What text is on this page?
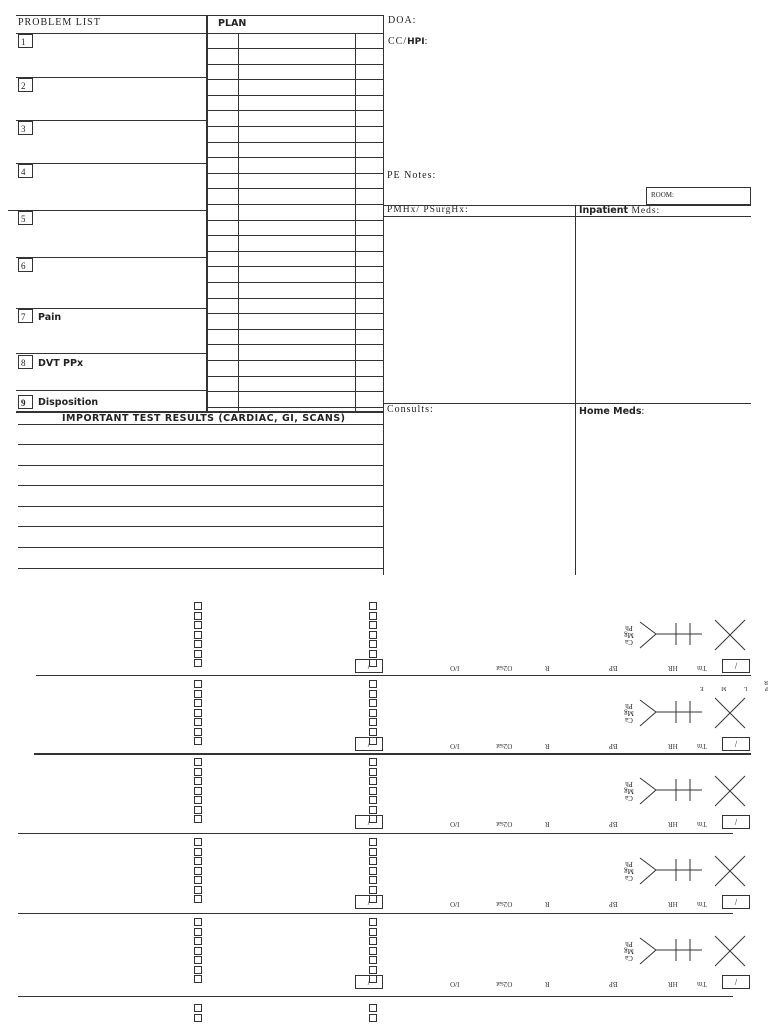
PROBLEM LIST	PLAN	DOA:
CC/HPI:
PE Notes:
ROOM:
PMHx/ PSurgHx:	Inpatient Meds:
Consults:	Home Meds:
IMPORTANT TEST RESULTS (CARDIAC, GI, SCANS)
1
2
3
4
5
6
7	Pain
8	DVT PPx
9	Disposition
/	/
I/O	O2sat	R	BP	HR	Tm
Ca
Mg
Ph
/	/
I/O	O2sat	R	BP	HR	Tm
Ca
Mg
Ph
/	/
I/O	O2sat	R	BP	HR	Tm
Ca
Mg
Ph
/	/
I/O	O2sat	R	BP	HR	Tm
Ca
Mg
Ph
/	/
I/O	O2sat	R	BP	HR	Tm
Ca
Mg
Ph
P L M E R
